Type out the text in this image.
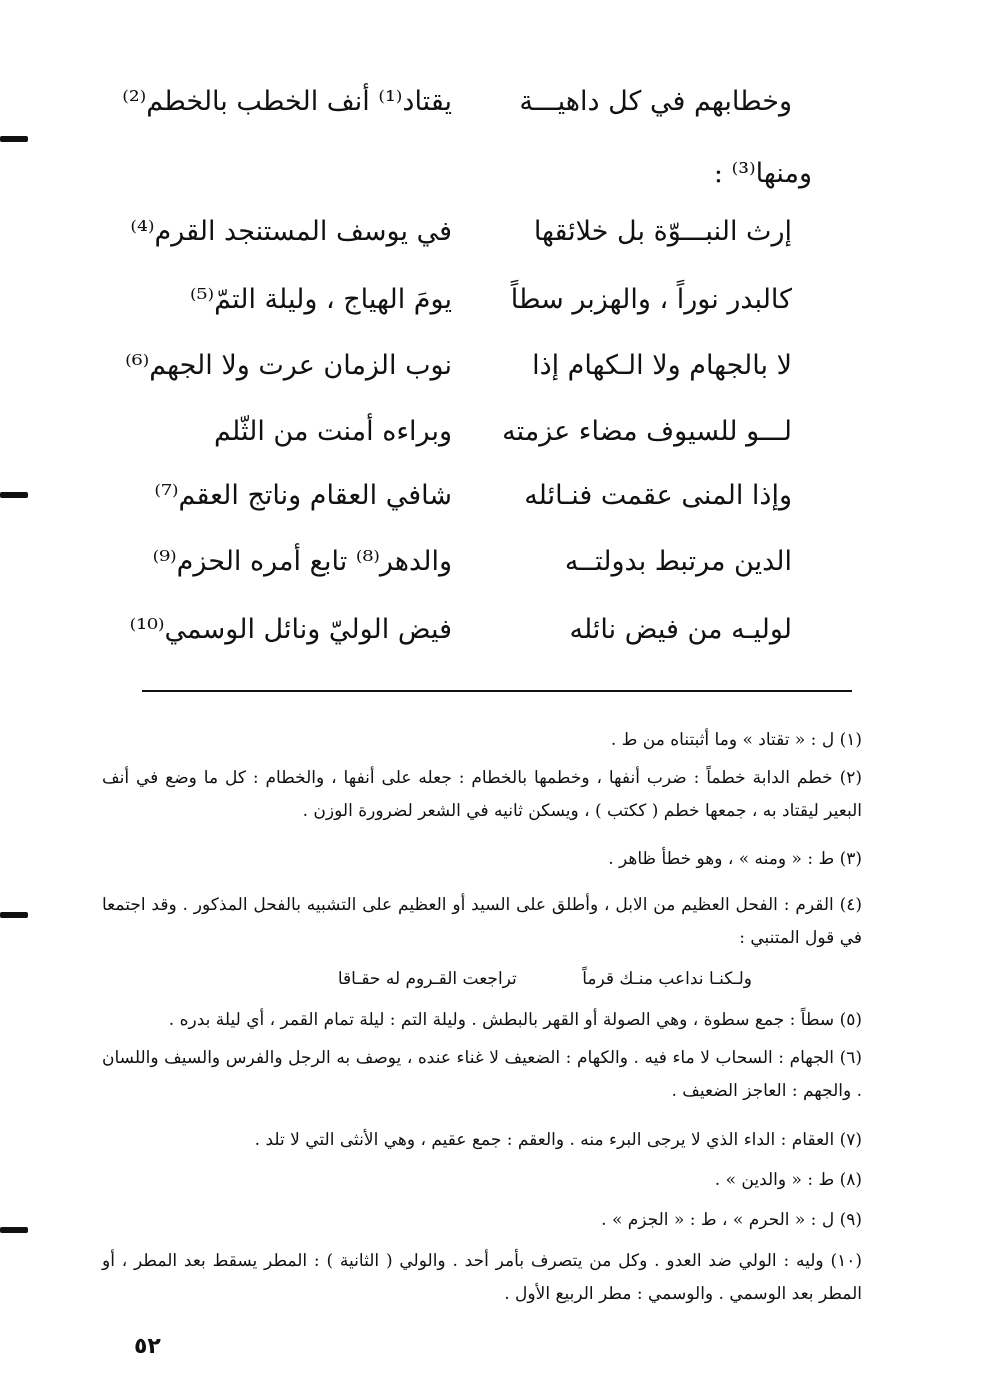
وخطابهم في كل داهيـــة
يقتاد⁽¹⁾ أنف الخطب بالخطم⁽²⁾
ومنها⁽³⁾ :
إرث النبـــوّة بل خلائقها
في يوسف المستنجد القرم⁽⁴⁾
كالبدر نوراً ، والهزبر سطاً
يومَ الهياج ، وليلة التمّ⁽⁵⁾
لا بالجهام ولا الـكهام إذا
نوب الزمان عرت ولا الجهم⁽⁶⁾
لـــو للسيوف مضاء عزمته
وبراءه أمنت من الثّلم
وإذا المنى عقمت فنـائله
شافي العقام وناتج العقم⁽⁷⁾
الدين مرتبط بدولتــه
والدهر⁽⁸⁾ تابع أمره الحزم⁽⁹⁾
لوليـه من فيض نائله
فيض الوليّ ونائل الوسمي⁽¹⁰⁾
(١) ل : « تقتاد » وما أثبتناه من ط .
(٢) خطم الدابة خطماً : ضرب أنفها ، وخطمها بالخطام : جعله على أنفها ، والخطام : كل ما وضع في أنف البعير ليقتاد به ، جمعها خطم ( ككتب ) ، ويسكن ثانيه في الشعر لضرورة الوزن .
(٣) ط : « ومنه » ، وهو خطأ ظاهر .
(٤) القرم : الفحل العظيم من الابل ، وأطلق على السيد أو العظيم على التشبيه بالفحل المذكور . وقد اجتمعا في قول المتنبي :
ولـكنـا نداعب منـك قرماً تراجعت القـروم له حقـاقا
(٥) سطاً : جمع سطوة ، وهي الصولة أو القهر بالبطش . وليلة التم : ليلة تمام القمر ، أي ليلة بدره .
(٦) الجهام : السحاب لا ماء فيه . والكهام : الضعيف لا غناء عنده ، يوصف به الرجل والفرس والسيف واللسان . والجهم : العاجز الضعيف .
(٧) العقام : الداء الذي لا يرجى البرء منه . والعقم : جمع عقيم ، وهي الأنثى التي لا تلد .
(٨) ط : « والدين » .
(٩) ل : « الحرم » ، ط : « الجزم » .
(١٠) وليه : الولي ضد العدو . وكل من يتصرف بأمر أحد . والولي ( الثانية ) : المطر يسقط بعد المطر ، أو المطر بعد الوسمي . والوسمي : مطر الربيع الأول .
٥٢
